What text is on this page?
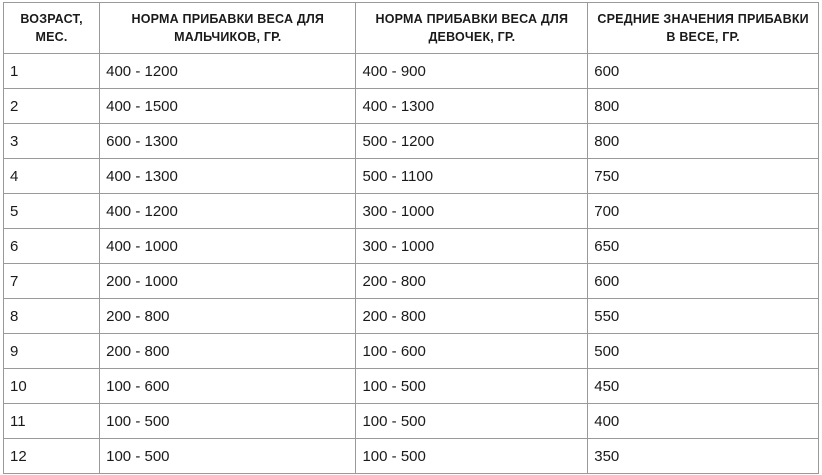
ВОЗРАСТ, МЕС.	НОРМА ПРИБАВКИ ВЕСА ДЛЯ МАЛЬЧИКОВ, ГР.	НОРМА ПРИБАВКИ ВЕСА ДЛЯ ДЕВОЧЕК, ГР.	СРЕДНИЕ ЗНАЧЕНИЯ ПРИБАВКИ В ВЕСЕ, ГР.
1	400 - 1200	400 - 900	600
2	400 - 1500	400 - 1300	800
3	600 - 1300	500 - 1200	800
4	400 - 1300	500 - 1100	750
5	400 - 1200	300 - 1000	700
6	400 - 1000	300 - 1000	650
7	200 - 1000	200 - 800	600
8	200 - 800	200 - 800	550
9	200 - 800	100 - 600	500
10	100 - 600	100 - 500	450
11	100 - 500	100 - 500	400
12	100 - 500	100 - 500	350
